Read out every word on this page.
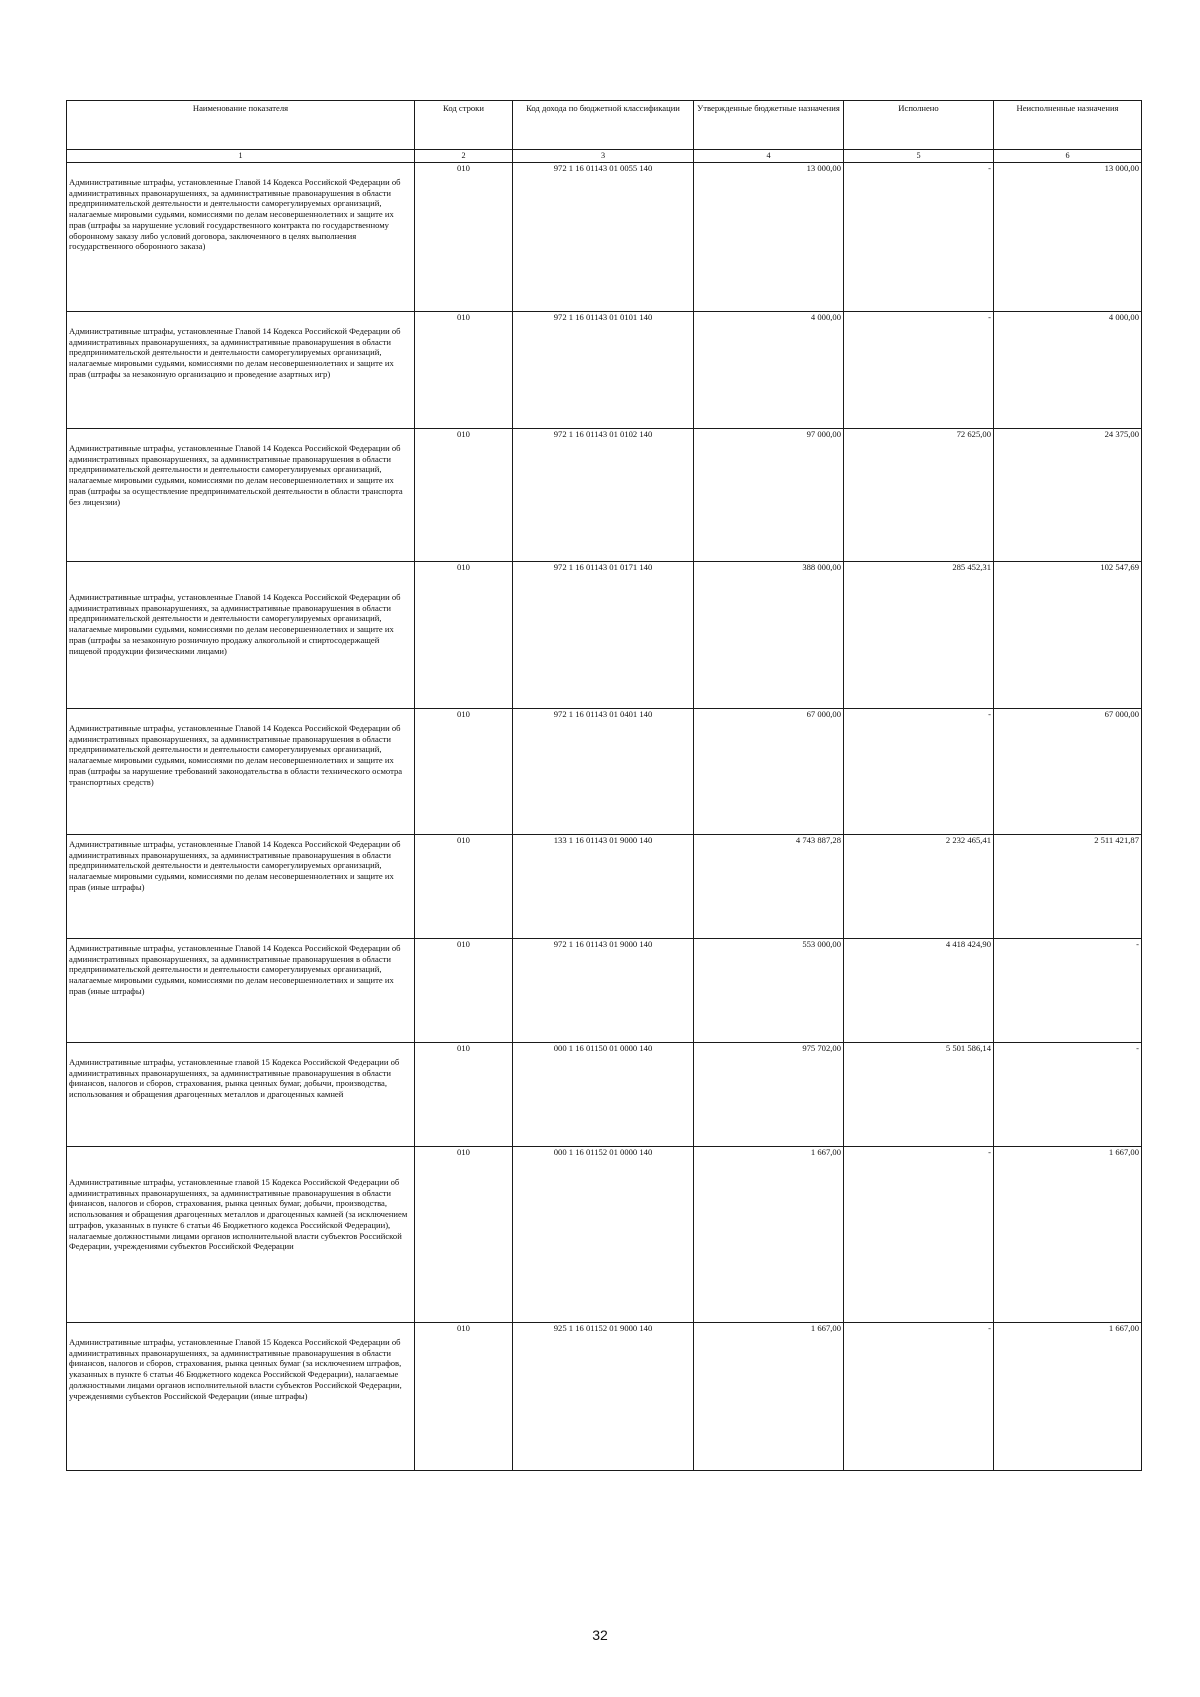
Наименование показателя	Код строки	Код дохода по бюджетной классификации	Утвержденные бюджетные назначения	Исполнено	Неисполненные назначения
1	2	3	4	5	6
Административные штрафы, установленные Главой 14 Кодекса Российской Федерации об административных правонарушениях, за административные правонарушения в области предпринимательской деятельности и деятельности саморегулируемых организаций, налагаемые мировыми судьями, комиссиями по делам несовершеннолетних и защите их прав (штрафы за нарушение условий государственного контракта по государственному оборонному заказу либо условий договора, заключенного в целях выполнения государственного оборонного заказа)	010	972 1 16 01143 01 0055 140	13 000,00	-	13 000,00
Административные штрафы, установленные Главой 14 Кодекса Российской Федерации об административных правонарушениях, за административные правонарушения в области предпринимательской деятельности и деятельности саморегулируемых организаций, налагаемые мировыми судьями, комиссиями по делам несовершеннолетних и защите их прав (штрафы за незаконную организацию и проведение азартных игр)	010	972 1 16 01143 01 0101 140	4 000,00	-	4 000,00
Административные штрафы, установленные Главой 14 Кодекса Российской Федерации об административных правонарушениях, за административные правонарушения в области предпринимательской деятельности и деятельности саморегулируемых организаций, налагаемые мировыми судьями, комиссиями по делам несовершеннолетних и защите их прав (штрафы за осуществление предпринимательской деятельности в области транспорта без лицензии)	010	972 1 16 01143 01 0102 140	97 000,00	72 625,00	24 375,00
Административные штрафы, установленные Главой 14 Кодекса Российской Федерации об административных правонарушениях, за административные правонарушения в области предпринимательской деятельности и деятельности саморегулируемых организаций, налагаемые мировыми судьями, комиссиями по делам несовершеннолетних и защите их прав (штрафы за незаконную розничную продажу алкогольной и спиртосодержащей пищевой продукции физическими лицами)	010	972 1 16 01143 01 0171 140	388 000,00	285 452,31	102 547,69
Административные штрафы, установленные Главой 14 Кодекса Российской Федерации об административных правонарушениях, за административные правонарушения в области предпринимательской деятельности и деятельности саморегулируемых организаций, налагаемые мировыми судьями, комиссиями по делам несовершеннолетних и защите их прав (штрафы за нарушение требований законодательства в области технического осмотра транспортных средств)	010	972 1 16 01143 01 0401 140	67 000,00	-	67 000,00
Административные штрафы, установленные Главой 14 Кодекса Российской Федерации об административных правонарушениях, за административные правонарушения в области предпринимательской деятельности и деятельности саморегулируемых организаций, налагаемые мировыми судьями, комиссиями по делам несовершеннолетних и защите их прав (иные штрафы)	010	133 1 16 01143 01 9000 140	4 743 887,28	2 232 465,41	2 511 421,87
Административные штрафы, установленные Главой 14 Кодекса Российской Федерации об административных правонарушениях, за административные правонарушения в области предпринимательской деятельности и деятельности саморегулируемых организаций, налагаемые мировыми судьями, комиссиями по делам несовершеннолетних и защите их прав (иные штрафы)	010	972 1 16 01143 01 9000 140	553 000,00	4 418 424,90	-
Административные штрафы, установленные главой 15 Кодекса Российской Федерации об административных правонарушениях, за административные правонарушения в области финансов, налогов и сборов, страхования, рынка ценных бумаг, добычи, производства, использования и обращения драгоценных металлов и драгоценных камней	010	000 1 16 01150 01 0000 140	975 702,00	5 501 586,14	-
Административные штрафы, установленные главой 15 Кодекса Российской Федерации об административных правонарушениях, за административные правонарушения в области финансов, налогов и сборов, страхования, рынка ценных бумаг, добычи, производства, использования и обращения драгоценных металлов и драгоценных камней (за исключением штрафов, указанных в пункте 6 статьи 46 Бюджетного кодекса Российской Федерации), налагаемые должностными лицами органов исполнительной власти субъектов Российской Федерации, учреждениями субъектов Российской Федерации	010	000 1 16 01152 01 0000 140	1 667,00	-	1 667,00
Административные штрафы, установленные Главой 15 Кодекса Российской Федерации об административных правонарушениях, за административные правонарушения в области финансов, налогов и сборов, страхования, рынка ценных бумаг (за исключением штрафов, указанных в пункте 6 статьи 46 Бюджетного кодекса Российской Федерации), налагаемые должностными лицами органов исполнительной власти субъектов Российской Федерации, учреждениями субъектов Российской Федерации (иные штрафы)	010	925 1 16 01152 01 9000 140	1 667,00	-	1 667,00
32
